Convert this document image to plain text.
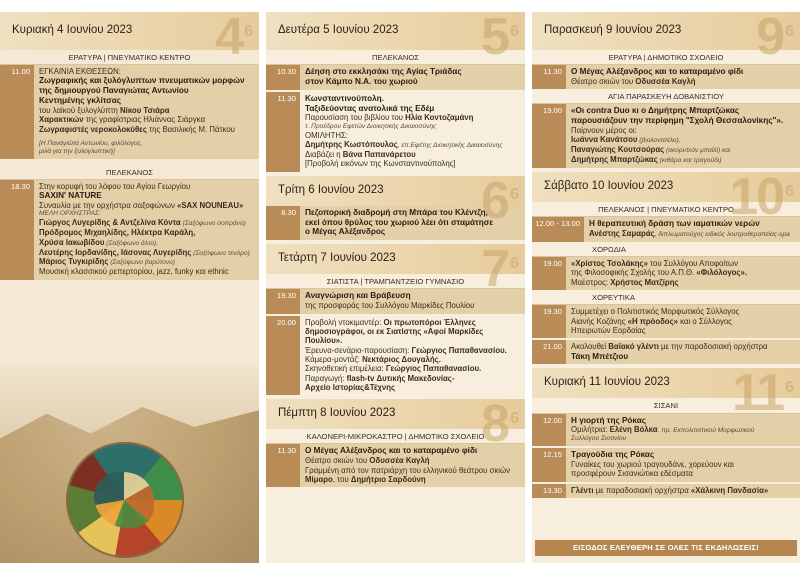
Κυριακή 4 Ιουνίου 2023 4 $^6$
ΕΡΑΤΥΡΑ | ΠΝΕΥΜΑΤΙΚΟ ΚΕΝΤΡΟ
11.00	ΕΓΚΑΙΝΙΑ ΕΚΘΕΣΕΩΝ:
Ζωγραφικής και ξυλόγλυπτων πνευματικών μορφών της δημιουργού Παναγιώτας Αντωνίου
Κεντημένης γκλίτσας
του λαϊκού ξυλογλύπτη Νίκου Τσιάρα
Χαρακτικών της γραφίστριας Ηλιάννας Σιάργκα
Ζωγραφιστές νεροκολοκύθες της Βασιλικής Μ. Πάτκου
[Η Παναγιώτα Αντωνίου, φιλόλογος,
μιλά για την ξυλογλυπτική]
ΠΕΛΕΚΑΝΟΣ
18.30	Στην κορυφή του λόφου του Αγίου Γεωργίου
SAXIN' NATURE
Συναυλία με την ορχήστρα σαξοφώνων «SAX NOUNEAU»
ΜΕΛΗ ΟΡΧΗΣΤΡΑΣ:
Γιώργος Λυγερίδης & Αντζελίνα Κόντα (Σαξόφωνο σοπράνο)
Πρόδρομος Μιχαηλίδης, Ηλέκτρα Καράλη,
Χρύσα Ιακωβίδου (Σαξόφωνο άλτο),
Λευτέρης Ιορδανίδης, Ιάσονας Λυγερίδης (Σαξόφωνο τενόρο)
Μάριος Τυγκιρίδης (Σαξόφωνο βαρύτονο)
Μουσική κλασσικού ρεπερτορίου, jazz, funky και ethnic
Δευτέρα 5 Ιουνίου 2023 5 $^6$
ΠΕΛΕΚΑΝΟΣ
10.30	Δέηση στο εκκλησάκι της Αγίας Τριάδας
στον Κάμπο Ν.Α. του χωριού
11.30	Κωνσταντινούπολη.
Ταξιδεύοντας ανατολικά της Εδέμ
Παρουσίαση του βιβλίου του Ηλία Κοντοζαμάνη
τ. Προέδρου Εφετών Διοικητικής Δικαιοσύνης
ΟΜΙΛΗΤΗΣ:
Δημήτρης Κωστόπουλος, επ.Εφέτης Διοικητικής Δικαιοσύνης
Διαβάζει η Βάνα Παπανάρετου
[Προβολή εικόνων της Κωνσταντινούπολης]
Τρίτη 6 Ιουνίου 2023 6 $^6$
8.30	Πεζοπορική διαδρομή στη Μπάρα του Κλέντζη,
εκεί όπου θρύλος του χωριού λέει ότι σταμάτησε
ο Μέγας Αλέξανδρος
Τετάρτη 7 Ιουνίου 2023 7 $^6$
ΣΙΑΤΙΣΤΑ | ΤΡΑΜΠΑΝΤΖΕΙΟ ΓΥΜΝΑΣΙΟ
19.30	Αναγνώριση και Βράβευση
της προσφοράς του Συλλόγου Μαρκίδες Πουλίου
20.00	Προβολή ντοκιμαντέρ: Οι πρωτοπόροι Έλληνες
δημοσιογράφοι, οι εκ Σιατίστης «Αφοί Μαρκίδες
Πουλίου».
Έρευνα-σενάριο-παρουσίαση: Γεώργιος Παπαθανασίου.
Κάμερα-μοντάζ: Νεκτάριος Δουγαλής.
Σκηνοθετική επιμέλεια: Γεώργιος Παπαθανασίου.
Παραγωγή: flash-tv Δυτικής Μακεδονίας-
Αρχείο Ιστορίας&Τέχνης
Πέμπτη 8 Ιουνίου 2023 8 $^6$
ΚΑΛΟΝΕΡΙ-ΜΙΚΡΟΚΑΣΤΡΟ | ΔΗΜΟΤΙΚΟ ΣΧΟΛΕΙΟ
11.30	Ο Μέγας Αλέξανδρος και το καταραμένο φίδι
Θέατρο σκιών του Οδυσσέα Καγλή
Γραμμένη από τον πατριάρχη του ελληνικού θεάτρου σκιών
Μίμαρο, του Δημήτριο Σαρδούνη
Παρασκευή 9 Ιουνίου 2023 9 $^6$
ΕΡΑΤΥΡΑ | ΔΗΜΟΤΙΚΟ ΣΧΟΛΕΙΟ
11.30	Ο Μέγας Αλέξανδρος και το καταραμένο φίδι
Θέατρο σκιών του Οδυσσέα Καγλή
ΑΓΙΑ ΠΑΡΑΣΚΕΥΗ ΔΟΒΑΝΙΣΤΙΟΥ
19.00	«Οι contra Duo κι ο Δημήτρης Μπαρτζώκας
παρουσιάζουν την περίφημη "Σχολή Θεσσαλονίκης"».
Παίρνουν μέρος οι:
Ιωάννα Κανάτσου (βιολοντσέλο),
Παναγιώτης Κουτσούρας (ακορντεόν μπαϊλί) και
Δημήτρης Μπαρτζώκας (κιθάρα και τραγούδι)
Σάββατο 10 Ιουνίου 2023 10 $^6$
ΠΕΛΕΚΑΝΟΣ | ΠΝΕΥΜΑΤΙΚΟ ΚΕΝΤΡΟ
12.00 - 13.00	Η θεραπευτική δράση των ιαματικών νερών
Ανέστης Σαμαράς, διπλωματούχος ειδικός λουτροθεραπείας-spa
ΧΟΡΩΔΙΑ
19.00	«Χρίστος Τσολάκης» του Συλλόγου Αποφοίτων
της Φιλοσοφικής Σχολής του Α.Π.Θ. «Φιλόλογος».
Μαέστρος: Χρήστος Ματζίρης
ΧΟΡΕΥΤΙΚΑ
19.30	Συμμετέχει ο Πολιτιστικός Μορφωτικός Σύλλογος
Αιανής Κοζάνης «Η πρόοδος» και ο Σύλλογος
Ηπειρωτών Εορδαίας
21.00	Ακολουθεί Βαϊακό γλέντι με την παραδοσιακή ορχήστρα
Τάκη Μπέτζιου
Κυριακή 11 Ιουνίου 2023 11 $^6$
ΣΙΣΑΝΙ
12.00	Η γιορτή της Ρόκας
Ομιλήτρια: Ελένη Βόλκα, πρ. Εκπολιτιστικού Μορφωτικού
Συλλόγου Σισανίου
12.15	Τραγούδια της Ρόκας
Γυναίκες του χωριού τραγουδάνε, χορεύουν και
προσφέρουν Σισανιώτικα εδέσματα
13.30	Γλέντι με παραδοσιακή ορχήστρα «Χάλκινη Πανδασία»
ΕΙΣΟΔΟΣ ΕΛΕΥΘΕΡΗ ΣΕ ΟΛΕΣ ΤΙΣ ΕΚΔΗΛΩΣΕΙΣ!
